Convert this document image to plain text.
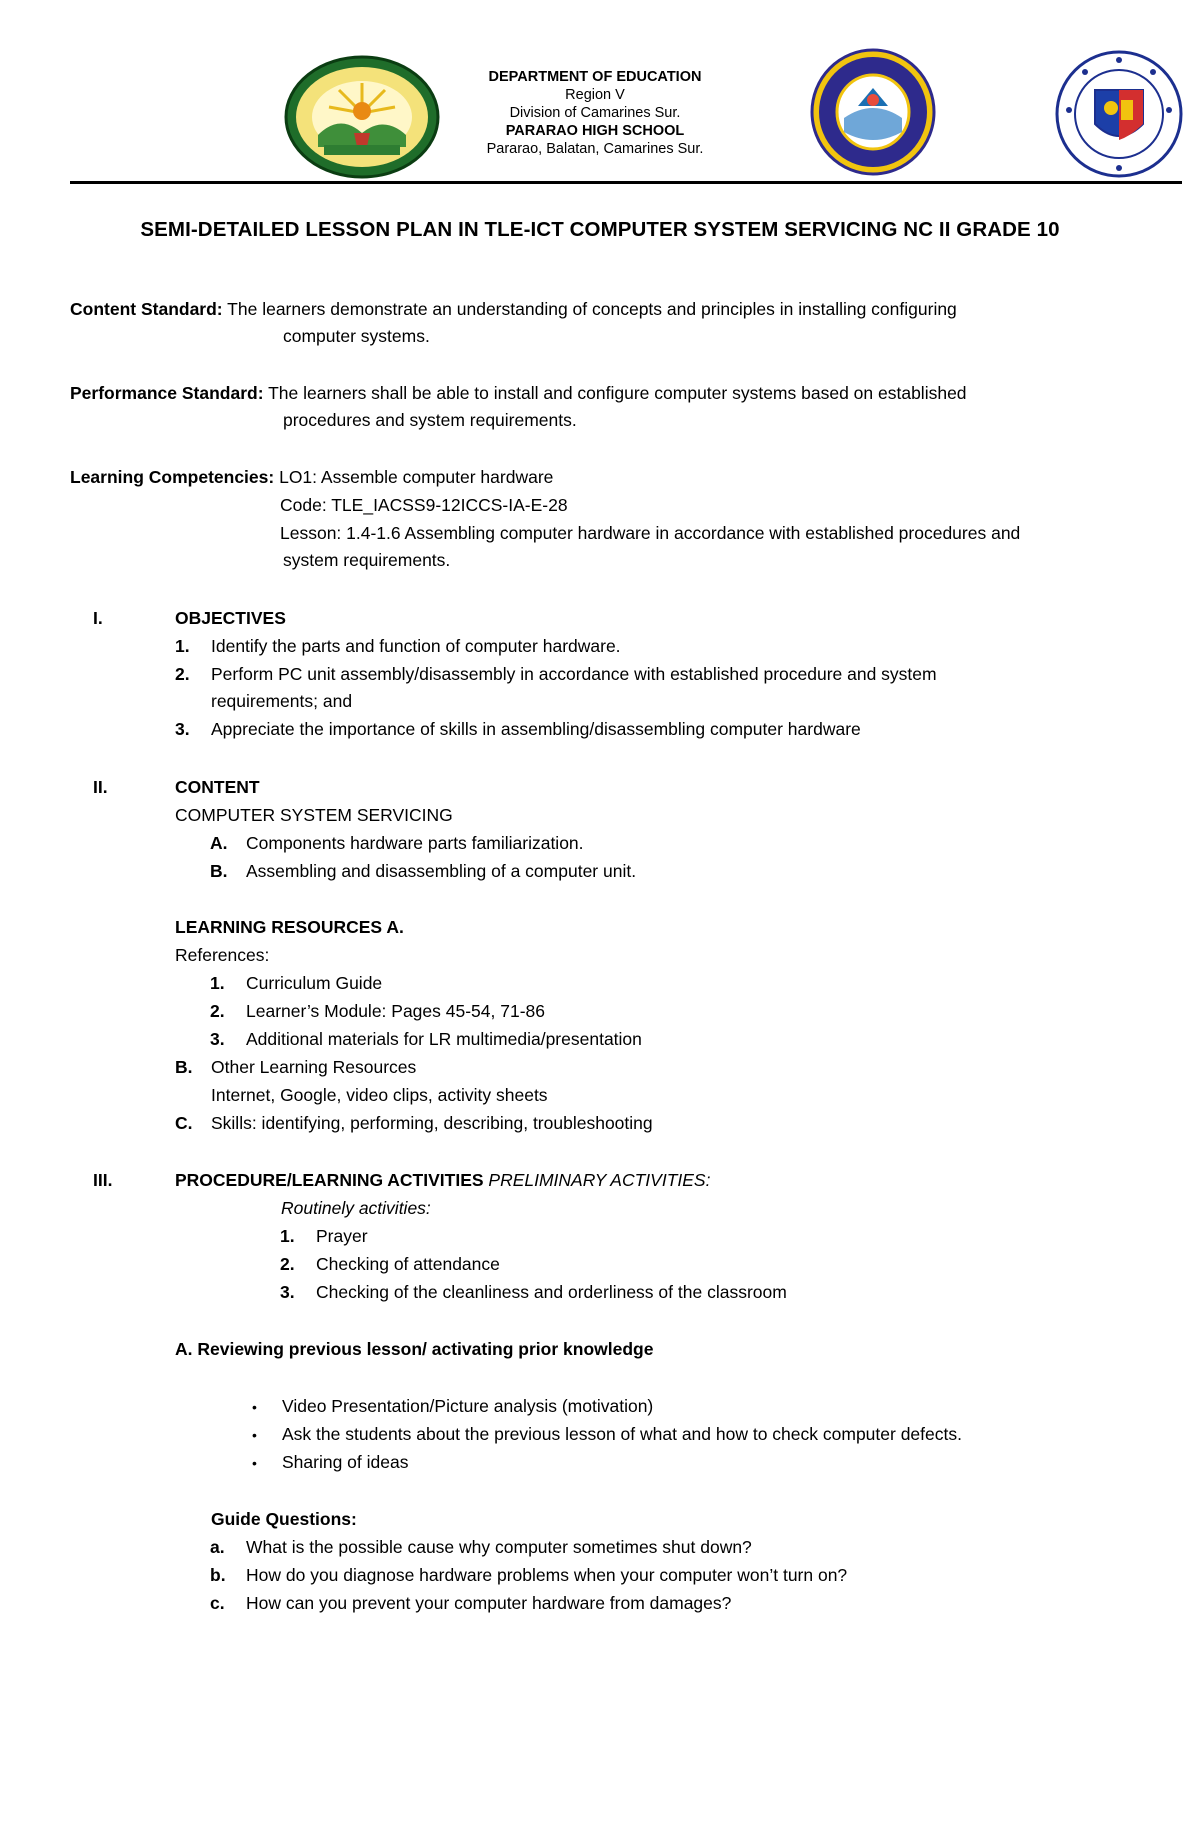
DEPARTMENT OF EDUCATION
Region V
Division of Camarines Sur.
PARARAO HIGH SCHOOL
Pararao, Balatan, Camarines Sur.
SEMI-DETAILED LESSON PLAN IN TLE-ICT COMPUTER SYSTEM SERVICING NC II GRADE 10
Content Standard: The learners demonstrate an understanding of concepts and principles in installing configuring
computer systems.
Performance Standard: The learners shall be able to install and configure computer systems based on established
procedures and system requirements.
Learning Competencies: LO1: Assemble computer hardware
Code: TLE_IACSS9-12ICCS-IA-E-28
Lesson: 1.4-1.6 Assembling computer hardware in accordance with established procedures and
system requirements.
I.	OBJECTIVES
1. Identify the parts and function of computer hardware.
2. Perform PC unit assembly/disassembly in accordance with established procedure and system
requirements; and
3. Appreciate the importance of skills in assembling/disassembling computer hardware
II.	CONTENT
COMPUTER SYSTEM SERVICING
A. Components hardware parts familiarization.
B. Assembling and disassembling of a computer unit.
LEARNING RESOURCES A.
References:
1. Curriculum Guide
2. Learner’s Module: Pages 45-54, 71-86
3. Additional materials for LR multimedia/presentation
B. Other Learning Resources
Internet, Google, video clips, activity sheets
C. Skills: identifying, performing, describing, troubleshooting
III.	PROCEDURE/LEARNING ACTIVITIES PRELIMINARY ACTIVITIES:
Routinely activities:
1. Prayer
2. Checking of attendance
3. Checking of the cleanliness and orderliness of the classroom
A. Reviewing previous lesson/ activating prior knowledge
• Video Presentation/Picture analysis (motivation)
• Ask the students about the previous lesson of what and how to check computer defects.
• Sharing of ideas
Guide Questions:
a. What is the possible cause why computer sometimes shut down?
b. How do you diagnose hardware problems when your computer won’t turn on?
c. How can you prevent your computer hardware from damages?
